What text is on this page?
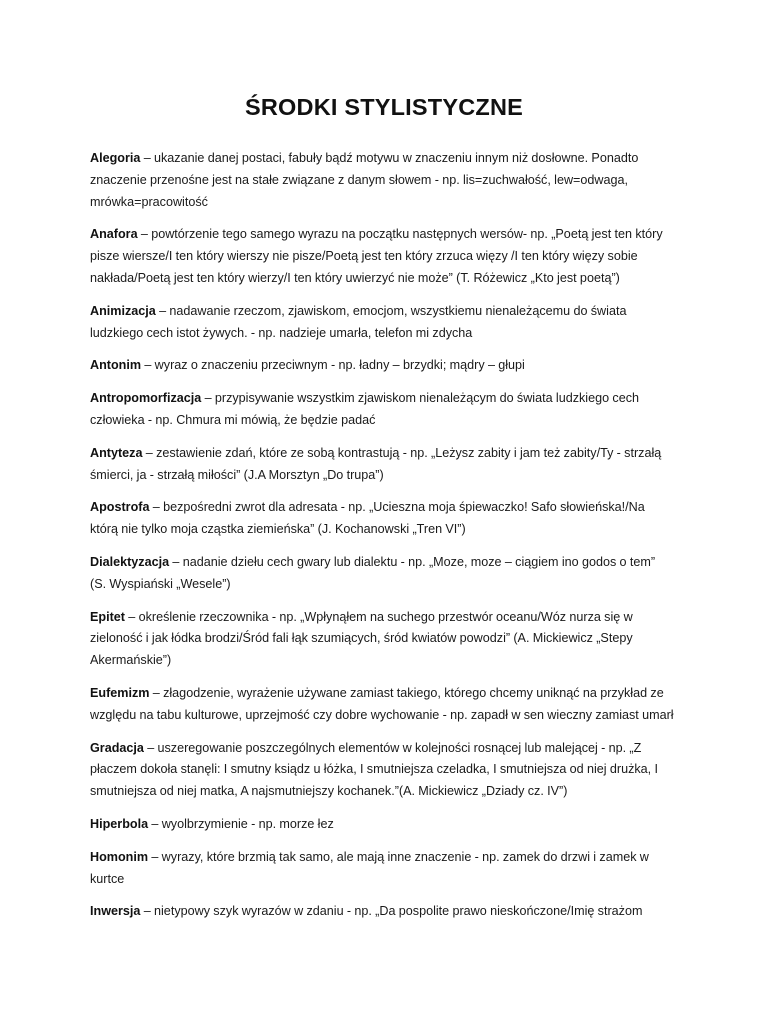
ŚRODKI STYLISTYCZNE

Alegoria – ukazanie danej postaci, fabuły bądź motywu w znaczeniu innym niż dosłowne. Ponadto
znaczenie przenośne jest na stałe związane z danym słowem - np. lis=zuchwałość, lew=odwaga,
mrówka=pracowitość

Anafora – powtórzenie tego samego wyrazu na początku następnych wersów- np. „Poetą jest ten który
pisze wiersze/I ten który wierszy nie pisze/Poetą jest ten który zrzuca więzy /I ten który więzy sobie
nakłada/Poetą jest ten który wierzy/I ten który uwierzyć nie może” (T. Różewicz „Kto jest poetą”)

Animizacja – nadawanie rzeczom, zjawiskom, emocjom, wszystkiemu nienależącemu do świata
ludzkiego cech istot żywych. - np. nadzieje umarła, telefon mi zdycha

Antonim – wyraz o znaczeniu przeciwnym - np. ładny – brzydki; mądry – głupi

Antropomorfizacja – przypisywanie wszystkim zjawiskom nienależącym do świata ludzkiego cech
człowieka - np. Chmura mi mówią, że będzie padać

Antyteza – zestawienie zdań, które ze sobą kontrastują - np. „Leżysz zabity i jam też zabity/Ty - strzałą
śmierci, ja - strzałą miłości” (J.A Morsztyn „Do trupa”)

Apostrofa – bezpośredni zwrot dla adresata - np. „Ucieszna moja śpiewaczko! Safo słowieńska!/Na
którą nie tylko moja cząstka ziemieńska” (J. Kochanowski „Tren VI”)

Dialektyzacja – nadanie dziełu cech gwary lub dialektu - np. „Moze, moze – ciągiem ino godos o tem”
(S. Wyspiański „Wesele”)

Epitet – określenie rzeczownika - np. „Wpłynąłem na suchego przestwór oceanu/Wóz nurza się w
zieloność i jak łódka brodzi/Śród fali łąk szumiących, śród kwiatów powodzi” (A. Mickiewicz „Stepy
Akermańskie”)

Eufemizm – złagodzenie, wyrażenie używane zamiast takiego, którego chcemy uniknąć na przykład ze
względu na tabu kulturowe, uprzejmość czy dobre wychowanie - np. zapadł w sen wieczny zamiast umarł

Gradacja – uszeregowanie poszczególnych elementów w kolejności rosnącej lub malejącej - np. „Z
płaczem dokoła stanęli: I smutny ksiądz u łóżka, I smutniejsza czeladka, I smutniejsza od niej drużka, I
smutniejsza od niej matka, A najsmutniejszy kochanek.”(A. Mickiewicz „Dziady cz. IV”)

Hiperbola – wyolbrzymienie - np. morze łez

Homonim – wyrazy, które brzmią tak samo, ale mają inne znaczenie - np. zamek do drzwi i zamek w
kurtce

Inwersja – nietypowy szyk wyrazów w zdaniu - np. „Da pospolite prawo nieskończone/Imię strażom
